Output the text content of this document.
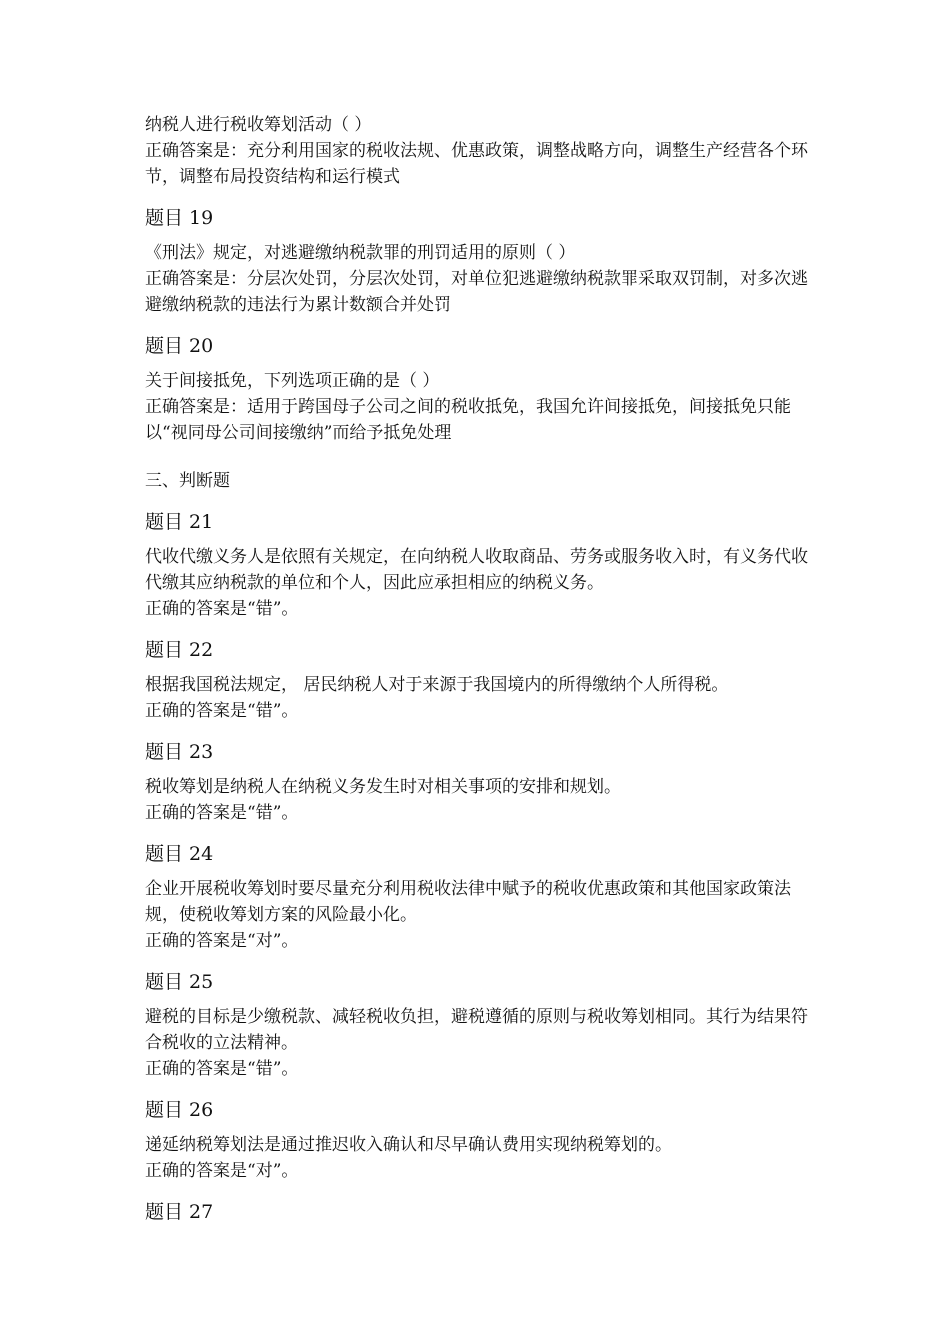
纳税人进行税收筹划活动（ ）

正确答案是：充分利用国家的税收法规、优惠政策，调整战略方向，调整生产经营各个环节，调整布局投资结构和运行模式

题目 19

《刑法》规定，对逃避缴纳税款罪的刑罚适用的原则（ ）

正确答案是：分层次处罚，分层次处罚，对单位犯逃避缴纳税款罪采取双罚制，对多次逃避缴纳税款的违法行为累计数额合并处罚

题目 20

关于间接抵免，下列选项正确的是（ ）

正确答案是：适用于跨国母子公司之间的税收抵免，我国允许间接抵免，间接抵免只能以“视同母公司间接缴纳”而给予抵免处理

三、判断题
题目 21

代收代缴义务人是依照有关规定，在向纳税人收取商品、劳务或服务收入时，有义务代收代缴其应纳税款的单位和个人，因此应承担相应的纳税义务。

正确的答案是“错”。

题目 22

根据我国税法规定， 居民纳税人对于来源于我国境内的所得缴纳个人所得税。

正确的答案是“错”。

题目 23

税收筹划是纳税人在纳税义务发生时对相关事项的安排和规划。

正确的答案是“错”。

题目 24

企业开展税收筹划时要尽量充分利用税收法律中赋予的税收优惠政策和其他国家政策法规，使税收筹划方案的风险最小化。

正确的答案是“对”。

题目 25

避税的目标是少缴税款、减轻税收负担，避税遵循的原则与税收筹划相同。其行为结果符合税收的立法精神。

正确的答案是“错”。

题目 26

递延纳税筹划法是通过推迟收入确认和尽早确认费用实现纳税筹划的。

正确的答案是“对”。

题目 27
